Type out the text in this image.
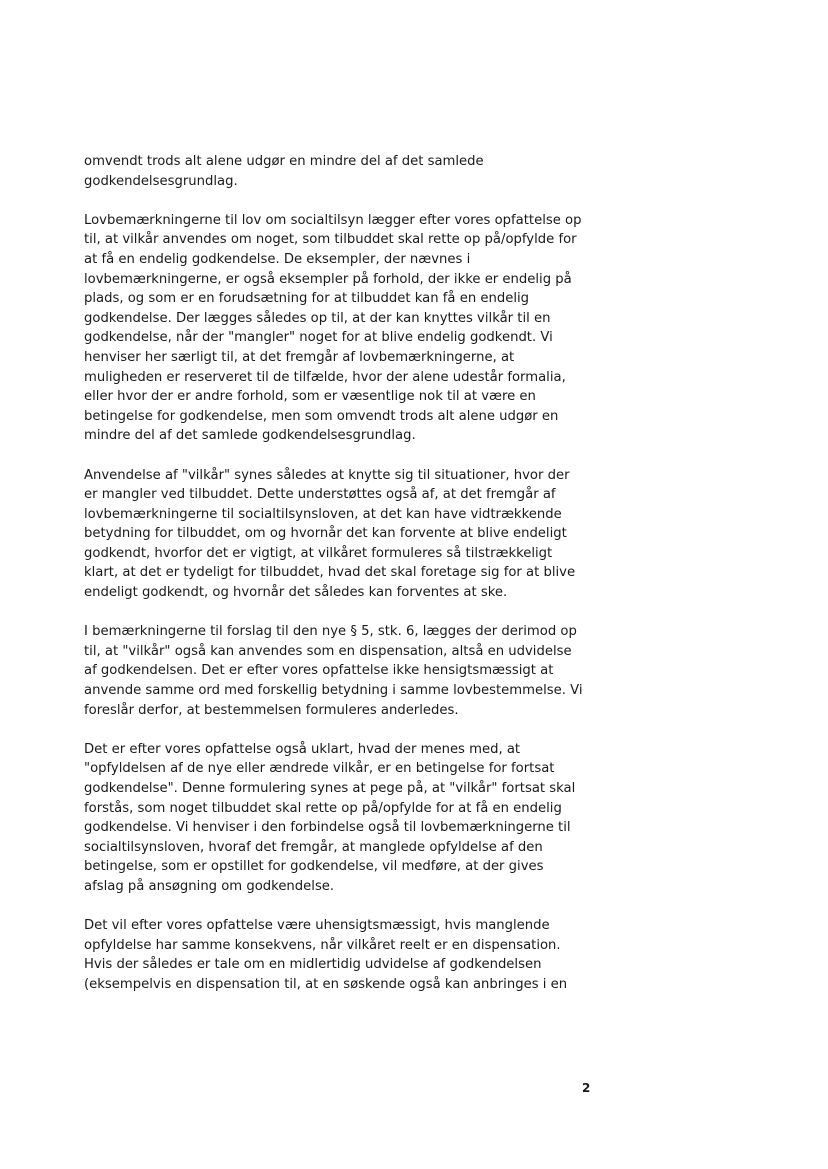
omvendt trods alt alene udgør en mindre del af det samlede
godkendelsesgrundlag.
Lovbemærkningerne til lov om socialtilsyn lægger efter vores opfattelse op
til, at vilkår anvendes om noget, som tilbuddet skal rette op på/opfylde for
at få en endelig godkendelse. De eksempler, der nævnes i
lovbemærkningerne, er også eksempler på forhold, der ikke er endelig på
plads, og som er en forudsætning for at tilbuddet kan få en endelig
godkendelse. Der lægges således op til, at der kan knyttes vilkår til en
godkendelse, når der "mangler" noget for at blive endelig godkendt. Vi
henviser her særligt til, at det fremgår af lovbemærkningerne, at
muligheden er reserveret til de tilfælde, hvor der alene udestår formalia,
eller hvor der er andre forhold, som er væsentlige nok til at være en
betingelse for godkendelse, men som omvendt trods alt alene udgør en
mindre del af det samlede godkendelsesgrundlag.
Anvendelse af "vilkår" synes således at knytte sig til situationer, hvor der
er mangler ved tilbuddet. Dette understøttes også af, at det fremgår af
lovbemærkningerne til socialtilsynsloven, at det kan have vidtrækkende
betydning for tilbuddet, om og hvornår det kan forvente at blive endeligt
godkendt, hvorfor det er vigtigt, at vilkåret formuleres så tilstrækkeligt
klart, at det er tydeligt for tilbuddet, hvad det skal foretage sig for at blive
endeligt godkendt, og hvornår det således kan forventes at ske.
I bemærkningerne til forslag til den nye § 5, stk. 6, lægges der derimod op
til, at "vilkår" også kan anvendes som en dispensation, altså en udvidelse
af godkendelsen. Det er efter vores opfattelse ikke hensigtsmæssigt at
anvende samme ord med forskellig betydning i samme lovbestemmelse. Vi
foreslår derfor, at bestemmelsen formuleres anderledes.
Det er efter vores opfattelse også uklart, hvad der menes med, at
"opfyldelsen af de nye eller ændrede vilkår, er en betingelse for fortsat
godkendelse". Denne formulering synes at pege på, at "vilkår" fortsat skal
forstås, som noget tilbuddet skal rette op på/opfylde for at få en endelig
godkendelse. Vi henviser i den forbindelse også til lovbemærkningerne til
socialtilsynsloven, hvoraf det fremgår, at manglede opfyldelse af den
betingelse, som er opstillet for godkendelse, vil medføre, at der gives
afslag på ansøgning om godkendelse.
Det vil efter vores opfattelse være uhensigtsmæssigt, hvis manglende
opfyldelse har samme konsekvens, når vilkåret reelt er en dispensation.
Hvis der således er tale om en midlertidig udvidelse af godkendelsen
(eksempelvis en dispensation til, at en søskende også kan anbringes i en
2
